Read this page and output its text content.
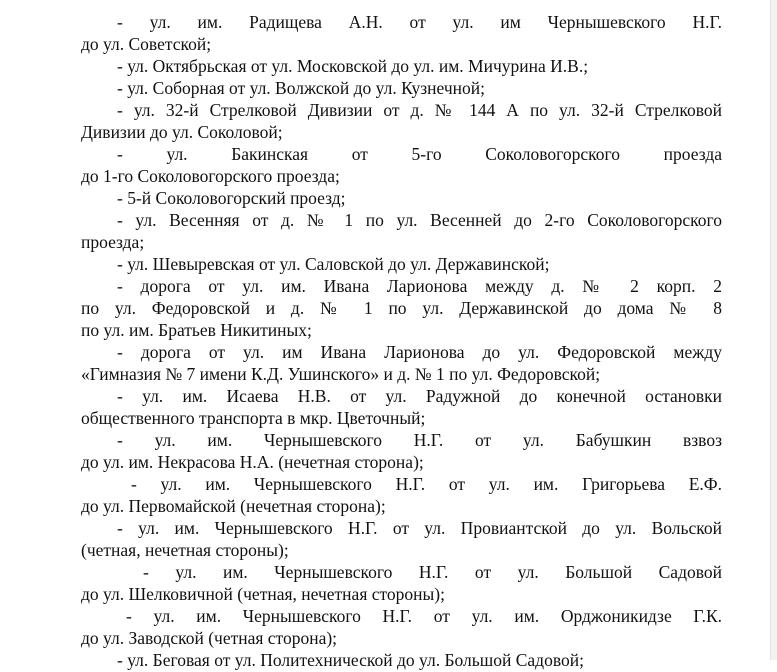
- ул. им. Радищева А.Н. от ул. им Чернышевского Н.Г.
до ул. Советской;
- ул. Октябрьская от ул. Московской до ул. им. Мичурина И.В.;
- ул. Соборная от ул. Волжской до ул. Кузнечной;
- ул. 32-й Стрелковой Дивизии от д. № 144 А по ул. 32-й Стрелковой
Дивизии до ул. Соколовой;
- ул. Бакинская от 5-го Соколовогорского проезда
до 1-го Соколовогорского проезда;
- 5-й Соколовогорский проезд;
- ул. Весенняя от д. № 1 по ул. Весенней до 2-го Соколовогорского
проезда;
- ул. Шевыревская от ул. Саловской до ул. Державинской;
- дорога от ул. им. Ивана Ларионова между д. № 2 корп. 2
по ул. Федоровской и д. № 1 по ул. Державинской до дома № 8
по ул. им. Братьев Никитиных;
- дорога от ул. им Ивана Ларионова до ул. Федоровской между
«Гимназия № 7 имени К.Д. Ушинского» и д. № 1 по ул. Федоровской;
- ул. им. Исаева Н.В. от ул. Радужной до конечной остановки
общественного транспорта в мкр. Цветочный;
- ул. им. Чернышевского Н.Г. от ул. Бабушкин взвоз
до ул. им. Некрасова Н.А. (нечетная сторона);
- ул. им. Чернышевского Н.Г. от ул. им. Григорьева Е.Ф.
до ул. Первомайской (нечетная сторона);
- ул. им. Чернышевского Н.Г. от ул. Провиантской до ул. Вольской
(четная, нечетная стороны);
- ул. им. Чернышевского Н.Г. от ул. Большой Садовой
до ул. Шелковичной (четная, нечетная стороны);
- ул. им. Чернышевского Н.Г. от ул. им. Орджоникидзе Г.К.
до ул. Заводской (четная сторона);
- ул. Беговая от ул. Политехнической до ул. Большой Садовой;
